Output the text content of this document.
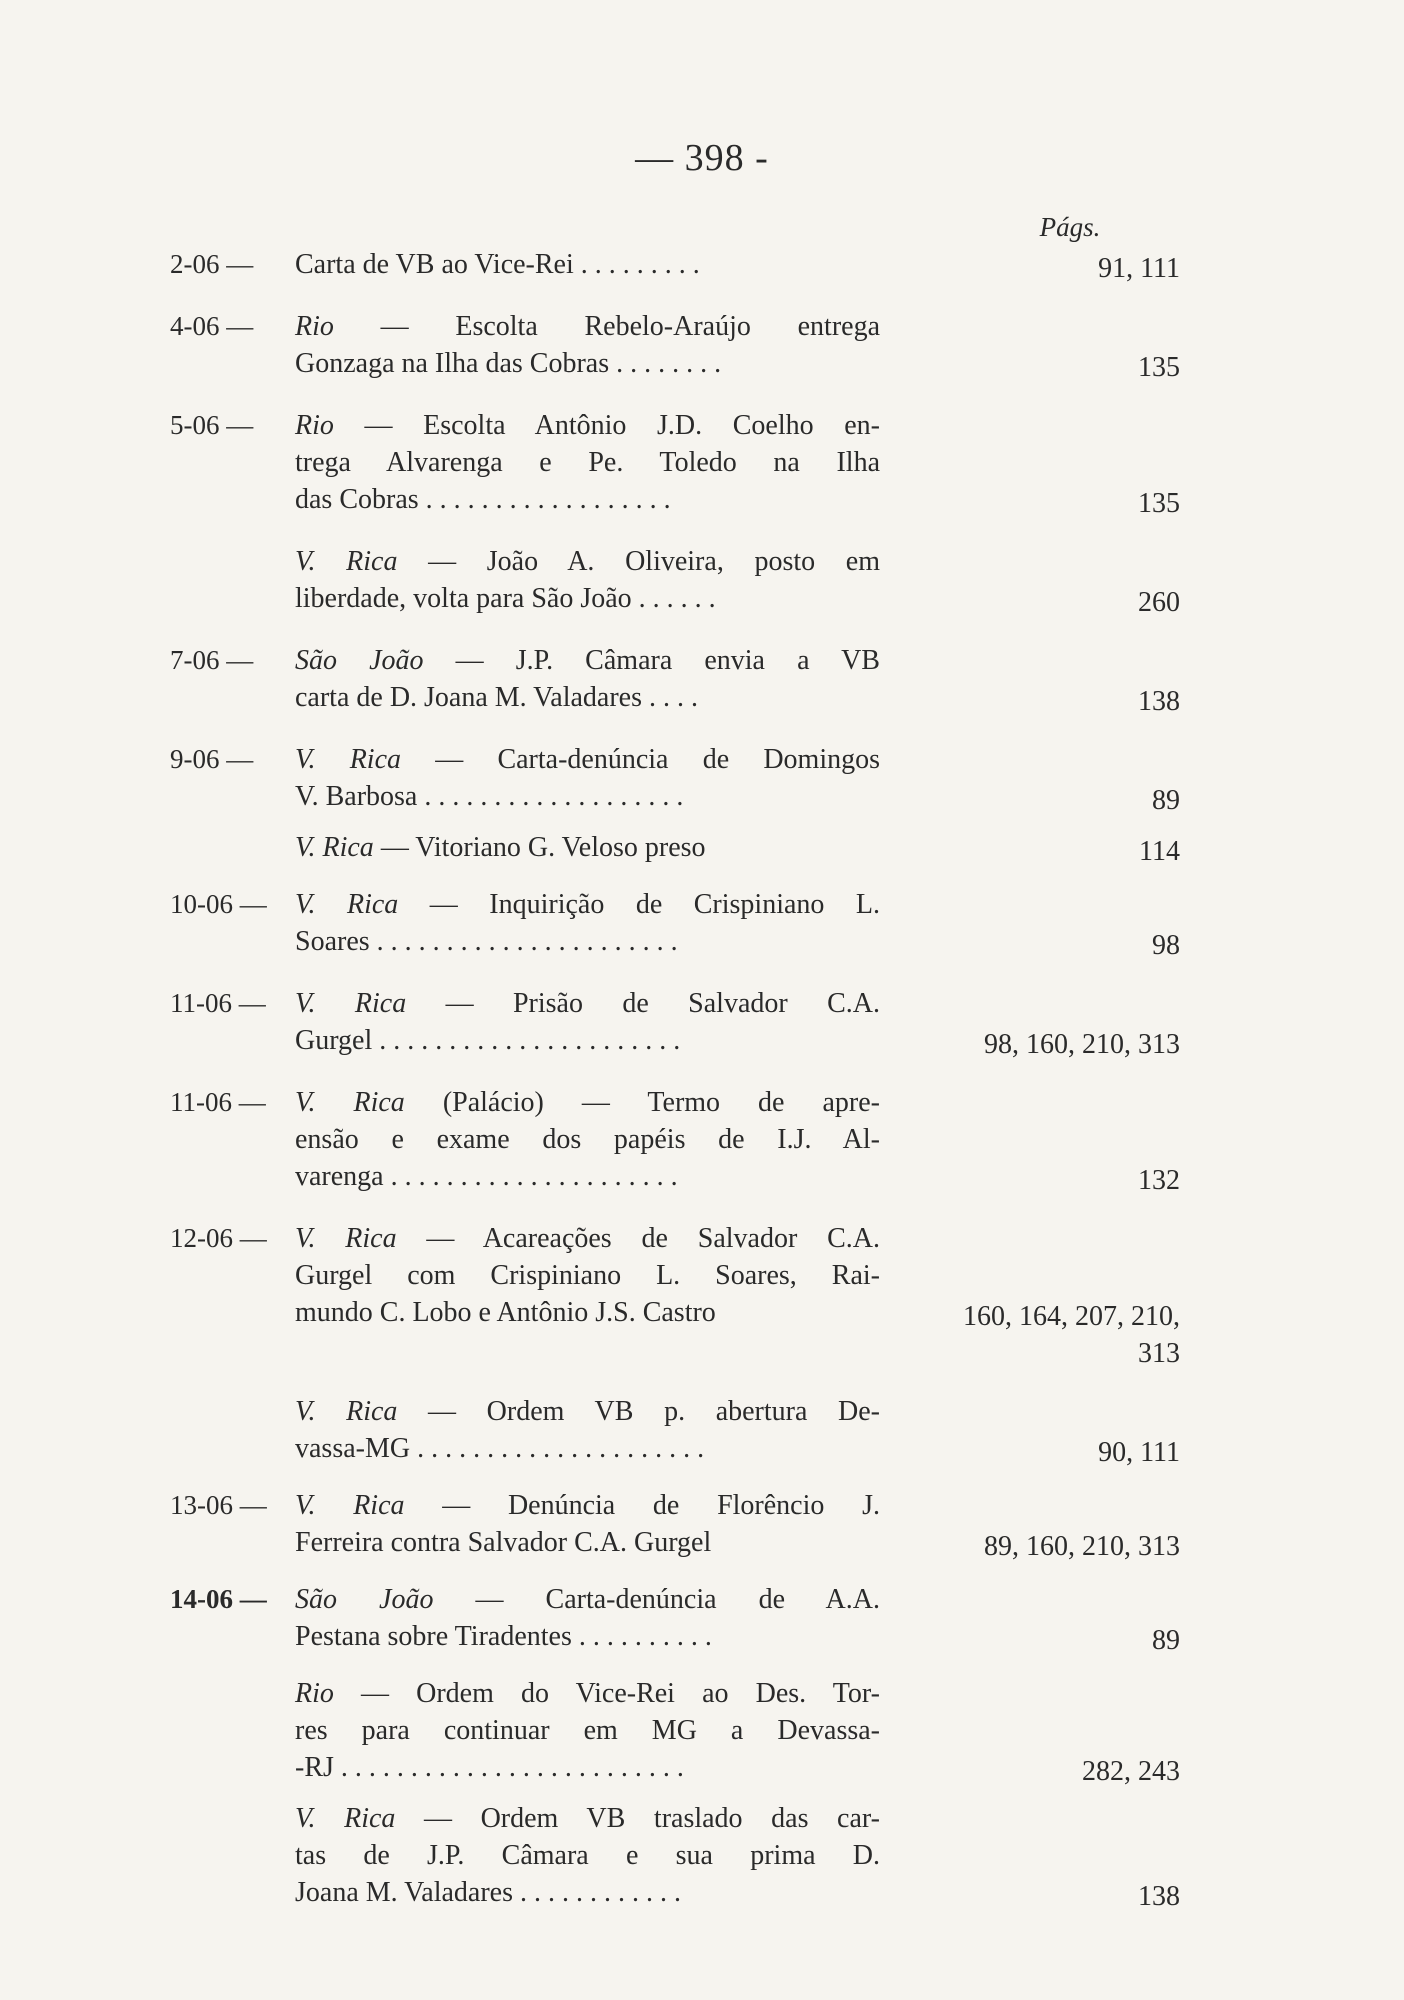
— 398 -
Págs.
2-06 —	Carta de VB ao Vice-Rei . . . . . . . . .	91, 111
4-06 —	Rio — Escolta Rebelo-Araújo entrega
Gonzaga na Ilha das Cobras . . . . . . . .	135
5-06 —	Rio — Escolta Antônio J.D. Coelho en-
trega Alvarenga e Pe. Toledo na Ilha
das Cobras . . . . . . . . . . . . . . . . . .	135
V. Rica — João A. Oliveira, posto em
liberdade, volta para São João . . . . . .	260
7-06 —	São João — J.P. Câmara envia a VB
carta de D. Joana M. Valadares . . . .	138
9-06 —	V. Rica — Carta-denúncia de Domingos
V. Barbosa . . . . . . . . . . . . . . . . . . .	89
V. Rica — Vitoriano G. Veloso preso	114
10-06 —	V. Rica — Inquirição de Crispiniano L.
Soares . . . . . . . . . . . . . . . . . . . . . .	98
11-06 —	V. Rica — Prisão de Salvador C.A.
Gurgel . . . . . . . . . . . . . . . . . . . . . .	98, 160, 210, 313
11-06 —	V. Rica (Palácio) — Termo de apre-
ensão e exame dos papéis de I.J. Al-
varenga . . . . . . . . . . . . . . . . . . . . .	132
12-06 —	V. Rica — Acareações de Salvador C.A.
Gurgel com Crispiniano L. Soares, Rai-
mundo C. Lobo e Antônio J.S. Castro	160, 164, 207, 210,
313
V. Rica — Ordem VB p. abertura De-
vassa-MG . . . . . . . . . . . . . . . . . . . . .	90, 111
13-06 —	V. Rica — Denúncia de Florêncio J.
Ferreira contra Salvador C.A. Gurgel	89, 160, 210, 313
14-06 —	São João — Carta-denúncia de A.A.
Pestana sobre Tiradentes . . . . . . . . . .	89
Rio — Ordem do Vice-Rei ao Des. Tor-
res para continuar em MG a Devassa-
-RJ . . . . . . . . . . . . . . . . . . . . . . . . .	282, 243
V. Rica — Ordem VB traslado das car-
tas de J.P. Câmara e sua prima D.
Joana M. Valadares . . . . . . . . . . . .	138
